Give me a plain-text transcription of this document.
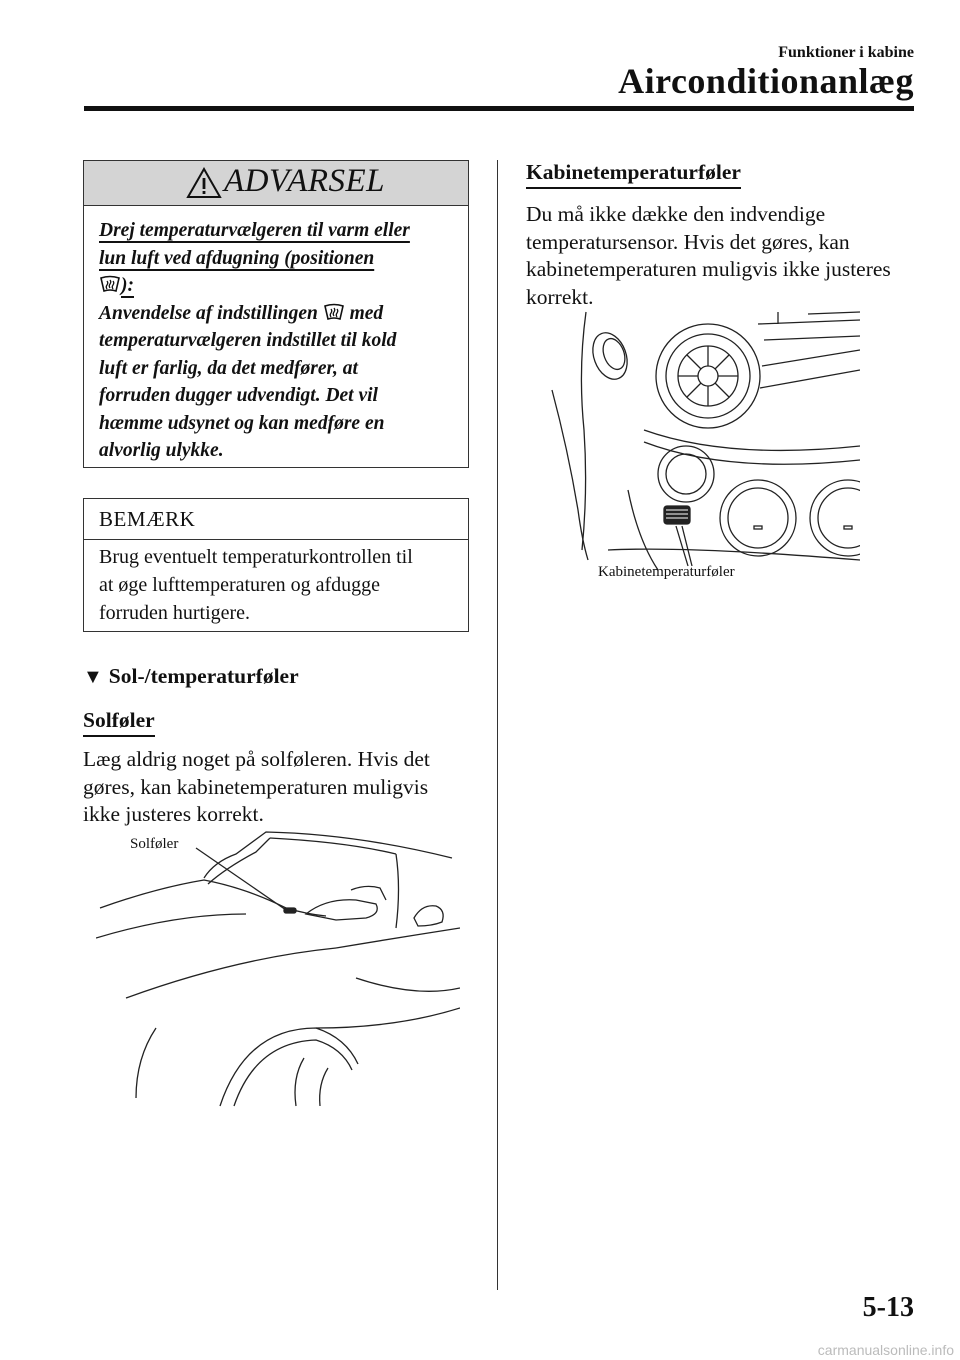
Funktioner i kabine
Airconditionanlæg
ADVARSEL
Drej temperaturvælgeren til varm eller
lun luft ved afdugning (positionen
):
Anvendelse af indstillingen med
temperaturvælgeren indstillet til kold
luft er farlig, da det medfører, at
forruden dugger udvendigt. Det vil
hæmme udsynet og kan medføre en
alvorlig ulykke.
BEMÆRK
Brug eventuelt temperaturkontrollen til
at øge lufttemperaturen og afdugge
forruden hurtigere.
▼ Sol-/temperaturføler
Solføler
Læg aldrig noget på solføleren. Hvis det
gøres, kan kabinetemperaturen muligvis
ikke justeres korrekt.
Solføler
Kabinetemperaturføler
Du må ikke dække den indvendige
temperatursensor. Hvis det gøres, kan
kabinetemperaturen muligvis ikke justeres
korrekt.
Kabinetemperaturføler
5-13
carmanualsonline.info
